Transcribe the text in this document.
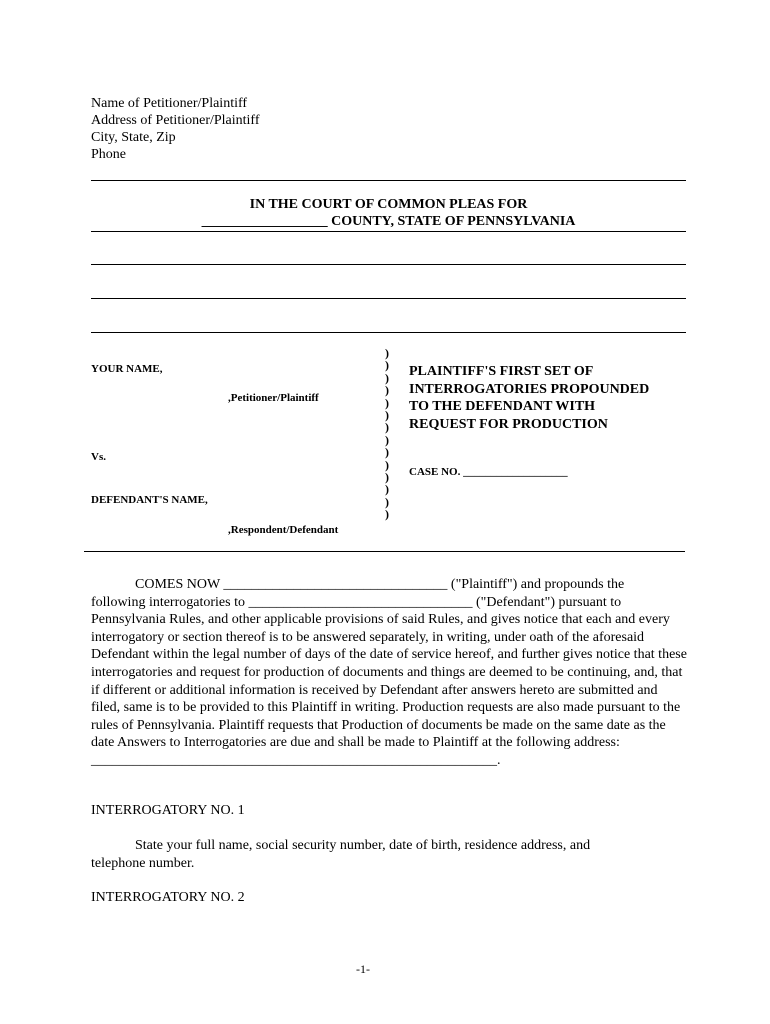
Name of Petitioner/Plaintiff
Address of Petitioner/Plaintiff
City, State, Zip
Phone
IN THE COURT OF COMMON PLEAS FOR
__________________ COUNTY, STATE OF PENNSYLVANIA
YOUR NAME,
,Petitioner/Plaintiff
Vs.
DEFENDANT'S NAME,
,Respondent/Defendant
)
)
)
)
)
)
)
)
)
)
)
)
)
)
PLAINTIFF'S FIRST SET OF
INTERROGATORIES PROPOUNDED
TO THE DEFENDANT WITH
REQUEST FOR PRODUCTION
CASE NO. ___________________
COMES NOW ________________________________ ("Plaintiff") and propounds the
following interrogatories to ________________________________ ("Defendant") pursuant to Pennsylvania Rules, and other applicable provisions of said Rules, and gives notice that each and every interrogatory or section thereof is to be answered separately, in writing, under oath of the aforesaid Defendant within the legal number of days of the date of service hereof, and further gives notice that these interrogatories and request for production of documents and things are deemed to be continuing, and, that if different or additional information is received by Defendant after answers hereto are submitted and filed, same is to be provided to this Plaintiff in writing. Production requests are also made pursuant to the rules of Pennsylvania. Plaintiff requests that Production of documents be made on the same date as the date Answers to Interrogatories are due and shall be made to Plaintiff at the following address: __________________________________________________________.
INTERROGATORY NO. 1
State your full name, social security number, date of birth, residence address, and
telephone number.
INTERROGATORY NO. 2
-1-
